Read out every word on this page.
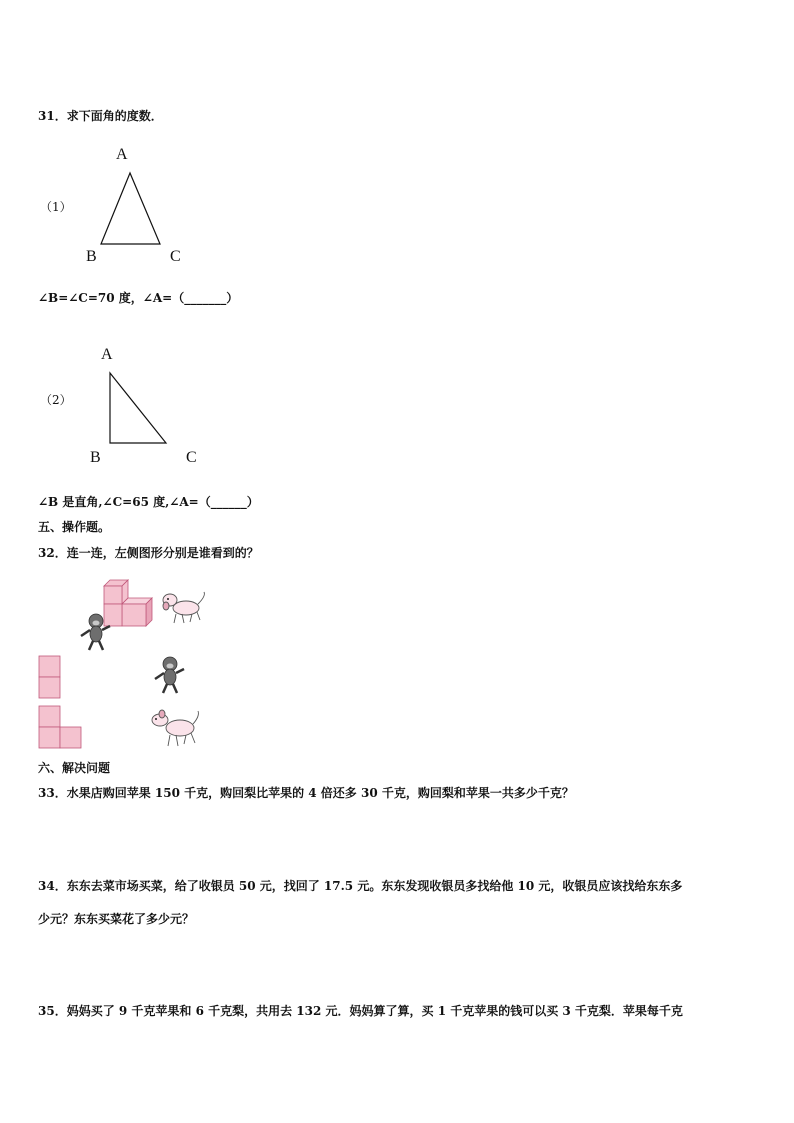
31．求下面角的度数．
A
（1）
B	C
∠B=∠C=70 度，∠A=（_______）
A
（2）
B	C
∠B 是直角,∠C=65 度,∠A=（______）
五、操作题。
32．连一连，左侧图形分别是谁看到的？
六、解决问题
33．水果店购回苹果 150 千克，购回梨比苹果的 4 倍还多 30 千克，购回梨和苹果一共多少千克？
34．东东去菜市场买菜，给了收银员 50 元，找回了 17.5 元。东东发现收银员多找给他 10 元，收银员应该找给东东多
少元？东东买菜花了多少元？
35．妈妈买了 9 千克苹果和 6 千克梨，共用去 132 元．妈妈算了算，买 1 千克苹果的钱可以买 3 千克梨．苹果每千克
